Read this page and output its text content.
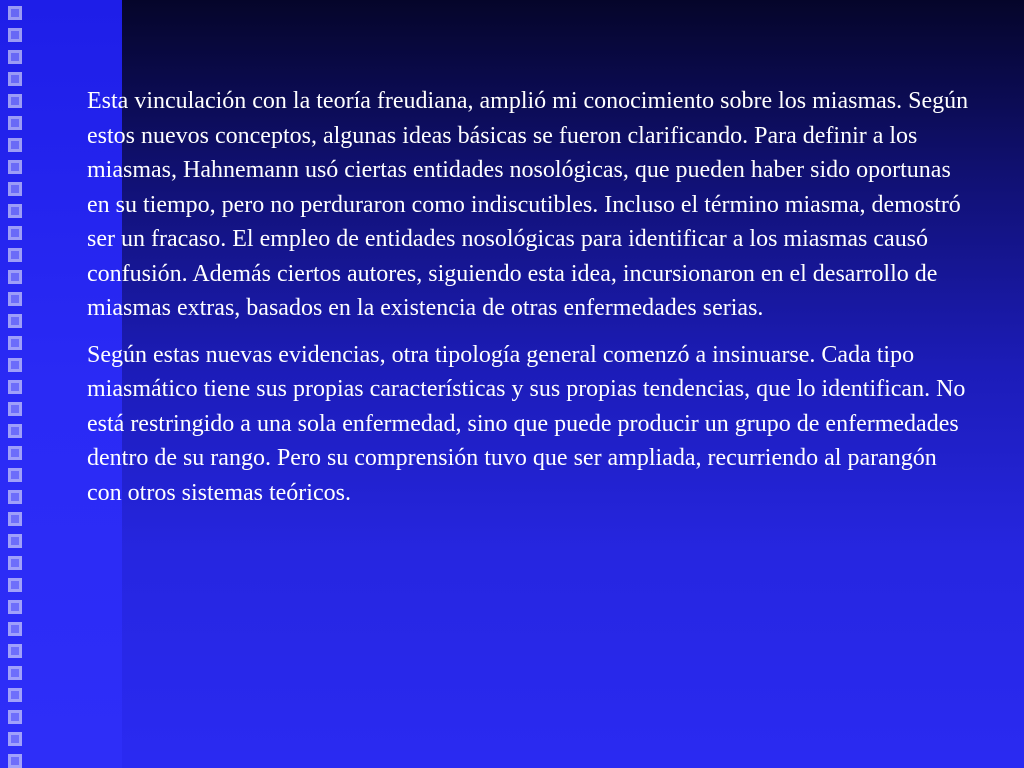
Esta vinculación con la teoría freudiana, amplió mi conocimiento sobre los miasmas. Según estos nuevos conceptos, algunas ideas básicas se fueron clarificando. Para definir a los miasmas, Hahnemann usó ciertas entidades nosológicas, que pueden haber sido oportunas en su tiempo, pero no perduraron como indiscutibles. Incluso el término miasma, demostró ser un fracaso. El empleo de entidades nosológicas para identificar a los miasmas causó confusión. Además ciertos autores, siguiendo esta idea, incursionaron en el desarrollo de miasmas extras, basados en la existencia de otras enfermedades serias.

Según estas nuevas evidencias, otra tipología general comenzó a insinuarse. Cada tipo miasmático tiene sus propias características y sus propias tendencias, que lo identifican. No está restringido a una sola enfermedad, sino que puede producir un grupo de enfermedades dentro de su rango. Pero su comprensión tuvo que ser ampliada, recurriendo al parangón con otros sistemas teóricos.
